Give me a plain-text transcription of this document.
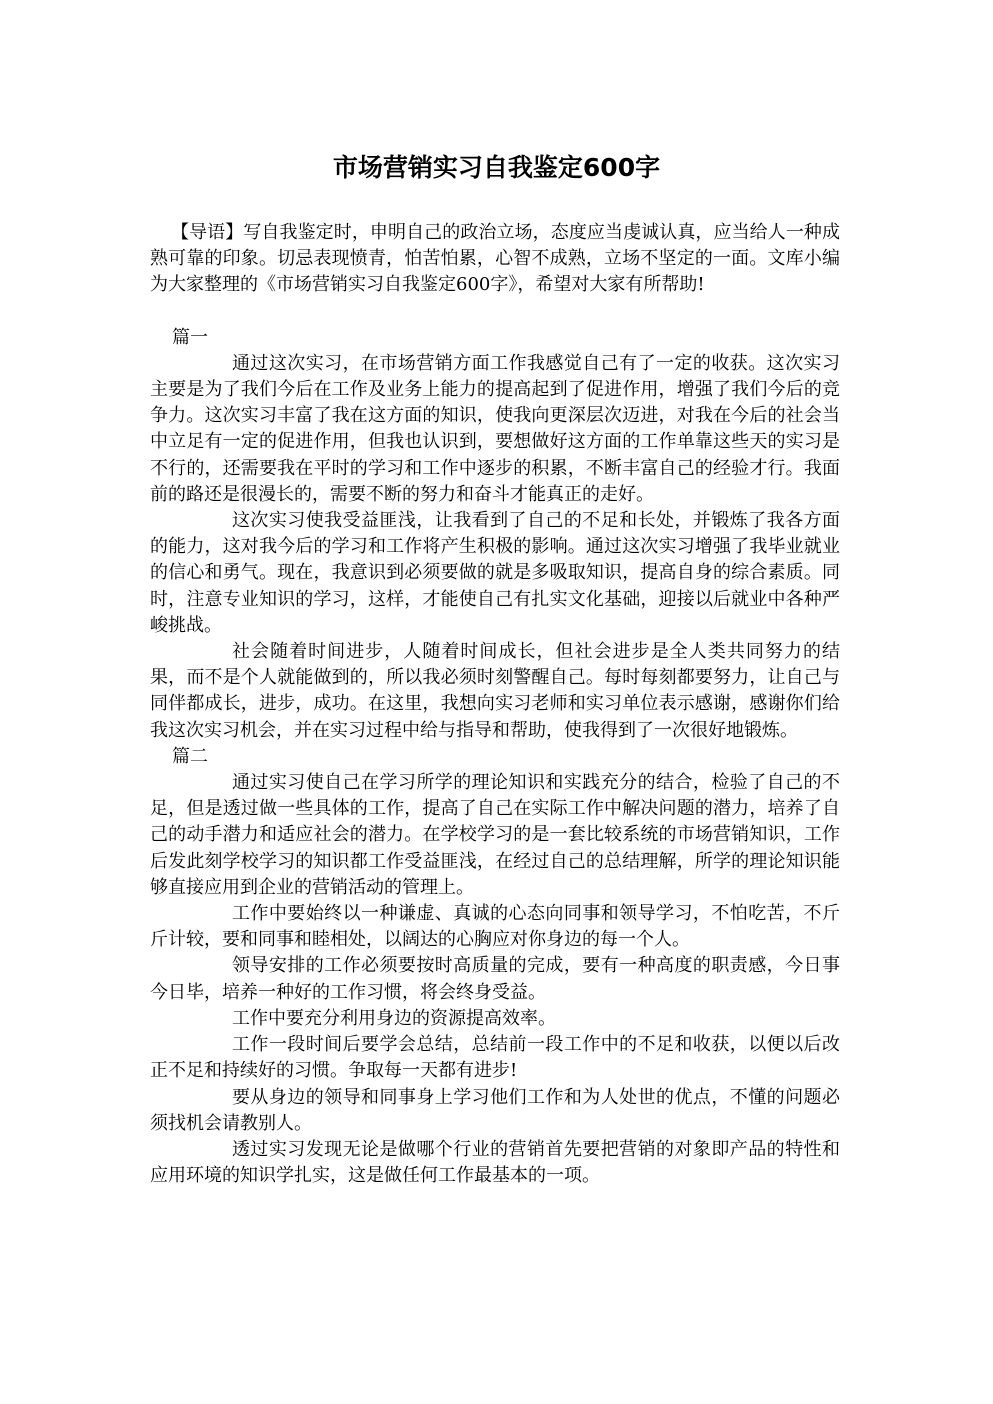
市场营销实习自我鉴定600字

【导语】写自我鉴定时，申明自己的政治立场，态度应当虔诚认真，应当给人一种成熟可靠的印象。切忌表现愤青，怕苦怕累，心智不成熟，立场不坚定的一面。文库小编为大家整理的《市场营销实习自我鉴定600字》，希望对大家有所帮助!

篇一

通过这次实习，在市场营销方面工作我感觉自己有了一定的收获。这次实习主要是为了我们今后在工作及业务上能力的提高起到了促进作用，增强了我们今后的竞争力。这次实习丰富了我在这方面的知识，使我向更深层次迈进，对我在今后的社会当中立足有一定的促进作用，但我也认识到，要想做好这方面的工作单靠这些天的实习是不行的，还需要我在平时的学习和工作中逐步的积累，不断丰富自己的经验才行。我面前的路还是很漫长的，需要不断的努力和奋斗才能真正的走好。

这次实习使我受益匪浅，让我看到了自己的不足和长处，并锻炼了我各方面的能力，这对我今后的学习和工作将产生积极的影响。通过这次实习增强了我毕业就业的信心和勇气。现在，我意识到必须要做的就是多吸取知识，提高自身的综合素质。同时，注意专业知识的学习，这样，才能使自己有扎实文化基础，迎接以后就业中各种严峻挑战。

社会随着时间进步，人随着时间成长，但社会进步是全人类共同努力的结果，而不是个人就能做到的，所以我必须时刻警醒自己。每时每刻都要努力，让自己与同伴都成长，进步，成功。在这里，我想向实习老师和实习单位表示感谢，感谢你们给我这次实习机会，并在实习过程中给与指导和帮助，使我得到了一次很好地锻炼。

篇二

通过实习使自己在学习所学的理论知识和实践充分的结合，检验了自己的不足，但是透过做一些具体的工作，提高了自己在实际工作中解决问题的潜力，培养了自己的动手潜力和适应社会的潜力。在学校学习的是一套比较系统的市场营销知识，工作后发此刻学校学习的知识都工作受益匪浅，在经过自己的总结理解，所学的理论知识能够直接应用到企业的营销活动的管理上。

工作中要始终以一种谦虚、真诚的心态向同事和领导学习，不怕吃苦，不斤斤计较，要和同事和睦相处，以阔达的心胸应对你身边的每一个人。

领导安排的工作必须要按时高质量的完成，要有一种高度的职责感，今日事今日毕，培养一种好的工作习惯，将会终身受益。

工作中要充分利用身边的资源提高效率。

工作一段时间后要学会总结，总结前一段工作中的不足和收获，以便以后改正不足和持续好的习惯。争取每一天都有进步!

要从身边的领导和同事身上学习他们工作和为人处世的优点，不懂的问题必须找机会请教别人。

透过实习发现无论是做哪个行业的营销首先要把营销的对象即产品的特性和应用环境的知识学扎实，这是做任何工作最基本的一项。
